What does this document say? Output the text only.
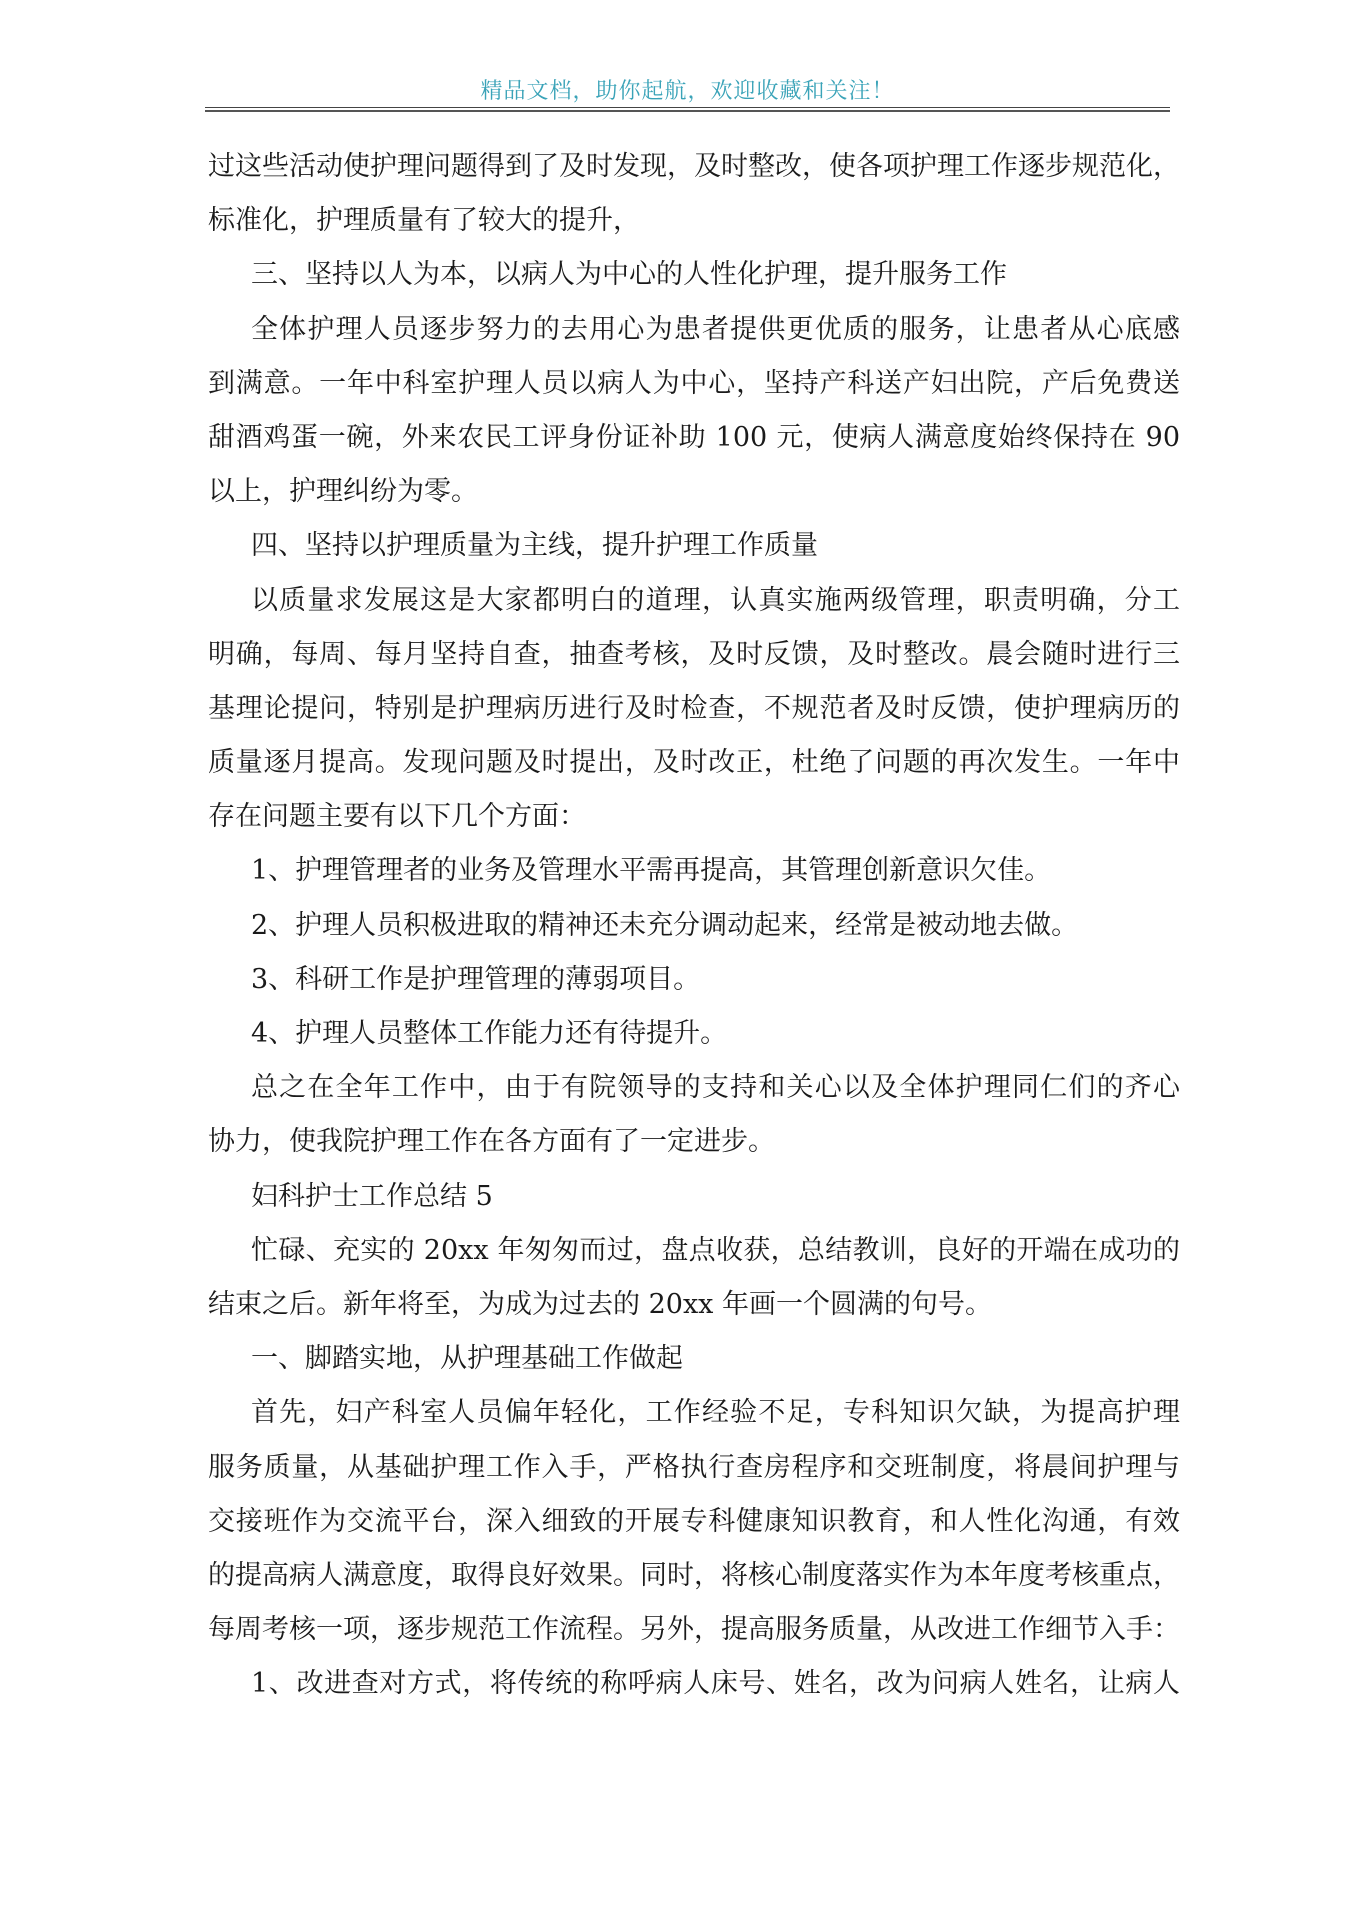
精品文档，助你起航，欢迎收藏和关注！
过这些活动使护理问题得到了及时发现，及时整改，使各项护理工作逐步规范化，
标准化，护理质量有了较大的提升，
三、坚持以人为本，以病人为中心的人性化护理，提升服务工作
全体护理人员逐步努力的去用心为患者提供更优质的服务，让患者从心底感
到满意。一年中科室护理人员以病人为中心，坚持产科送产妇出院，产后免费送
甜酒鸡蛋一碗，外来农民工评身份证补助 100 元，使病人满意度始终保持在 90
以上，护理纠纷为零。
四、坚持以护理质量为主线，提升护理工作质量
以质量求发展这是大家都明白的道理，认真实施两级管理，职责明确，分工
明确，每周、每月坚持自查，抽查考核，及时反馈，及时整改。晨会随时进行三
基理论提问，特别是护理病历进行及时检查，不规范者及时反馈，使护理病历的
质量逐月提高。发现问题及时提出，及时改正，杜绝了问题的再次发生。一年中
存在问题主要有以下几个方面：
1、护理管理者的业务及管理水平需再提高，其管理创新意识欠佳。
2、护理人员积极进取的精神还未充分调动起来，经常是被动地去做。
3、科研工作是护理管理的薄弱项目。
4、护理人员整体工作能力还有待提升。
总之在全年工作中，由于有院领导的支持和关心以及全体护理同仁们的齐心
协力，使我院护理工作在各方面有了一定进步。
妇科护士工作总结 5
忙碌、充实的 20xx 年匆匆而过，盘点收获，总结教训，良好的开端在成功的
结束之后。新年将至，为成为过去的 20xx 年画一个圆满的句号。
一、脚踏实地，从护理基础工作做起
首先，妇产科室人员偏年轻化，工作经验不足，专科知识欠缺，为提高护理
服务质量，从基础护理工作入手，严格执行查房程序和交班制度，将晨间护理与
交接班作为交流平台，深入细致的开展专科健康知识教育，和人性化沟通，有效
的提高病人满意度，取得良好效果。同时，将核心制度落实作为本年度考核重点，
每周考核一项，逐步规范工作流程。另外，提高服务质量，从改进工作细节入手：
1、改进查对方式，将传统的称呼病人床号、姓名，改为问病人姓名，让病人
